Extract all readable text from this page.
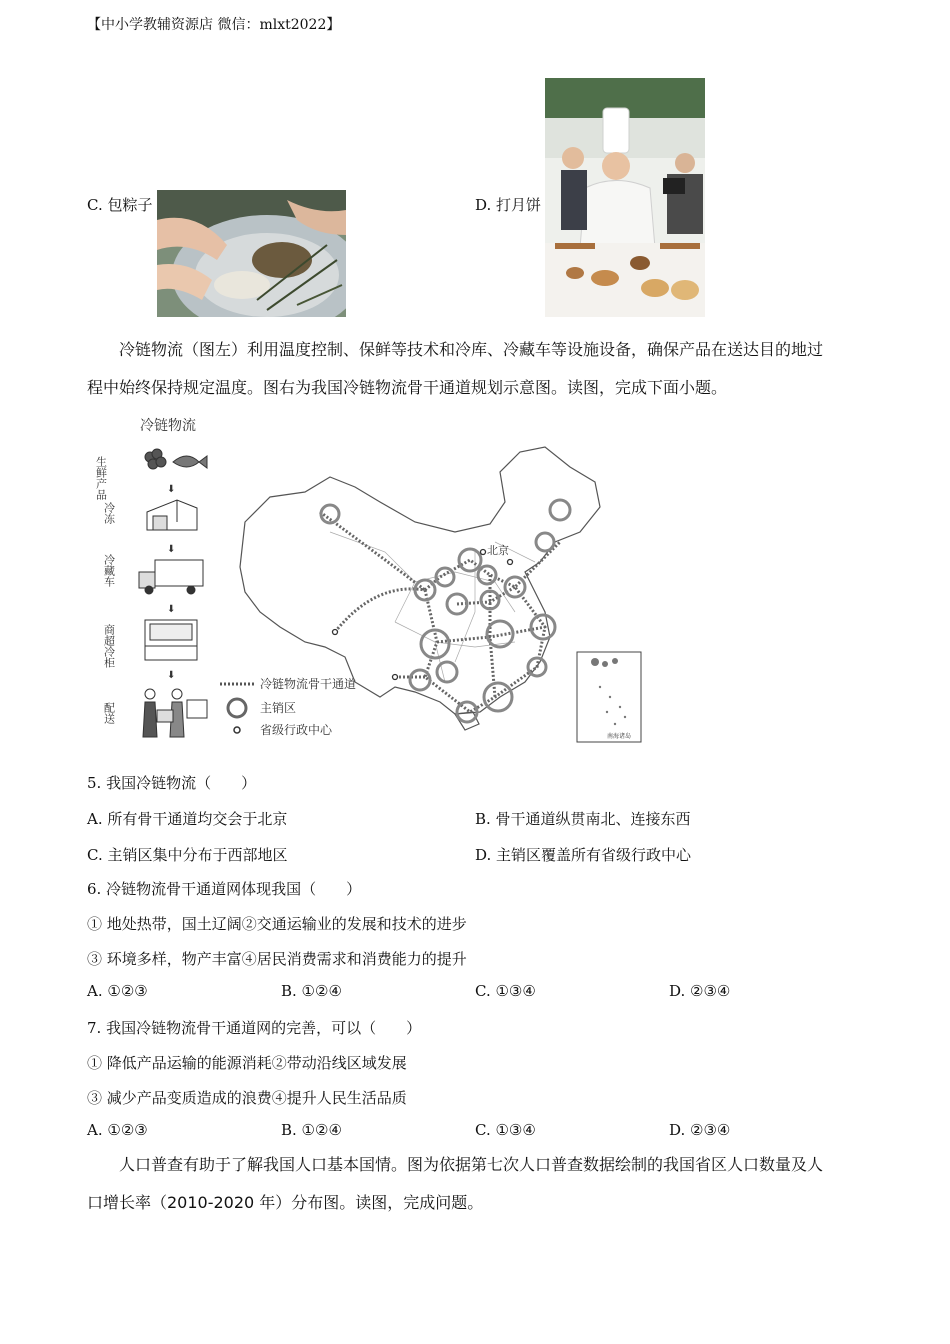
【中小学教辅资源店 微信：mlxt2022】
C. 包粽子	D. 打月饼
冷链物流（图左）利用温度控制、保鲜等技术和冷库、冷藏车等设施设备，确保产品在送达目的地过
程中始终保持规定温度。图右为我国冷链物流骨干通道规划示意图。读图，完成下面小题。
冷链物流
生鲜产品
冷冻
冷藏车
商超冷柜
配送
⬇
⬇
⬇
⬇
冷链物流骨干通道
主销区
省级行政中心
北京
南海诸岛
5. 我国冷链物流（　　）
A. 所有骨干通道均交会于北京	B. 骨干通道纵贯南北、连接东西
C. 主销区集中分布于西部地区	D. 主销区覆盖所有省级行政中心
6. 冷链物流骨干通道网体现我国（　　）
① 地处热带，国土辽阔②交通运输业的发展和技术的进步
③ 环境多样，物产丰富④居民消费需求和消费能力的提升
A. ①②③	B. ①②④	C. ①③④	D. ②③④
7. 我国冷链物流骨干通道网的完善，可以（　　）
① 降低产品运输的能源消耗②带动沿线区域发展
③ 减少产品变质造成的浪费④提升人民生活品质
A. ①②③	B. ①②④	C. ①③④	D. ②③④
人口普查有助于了解我国人口基本国情。图为依据第七次人口普查数据绘制的我国省区人口数量及人
口增长率（2010-2020 年）分布图。读图，完成问题。
